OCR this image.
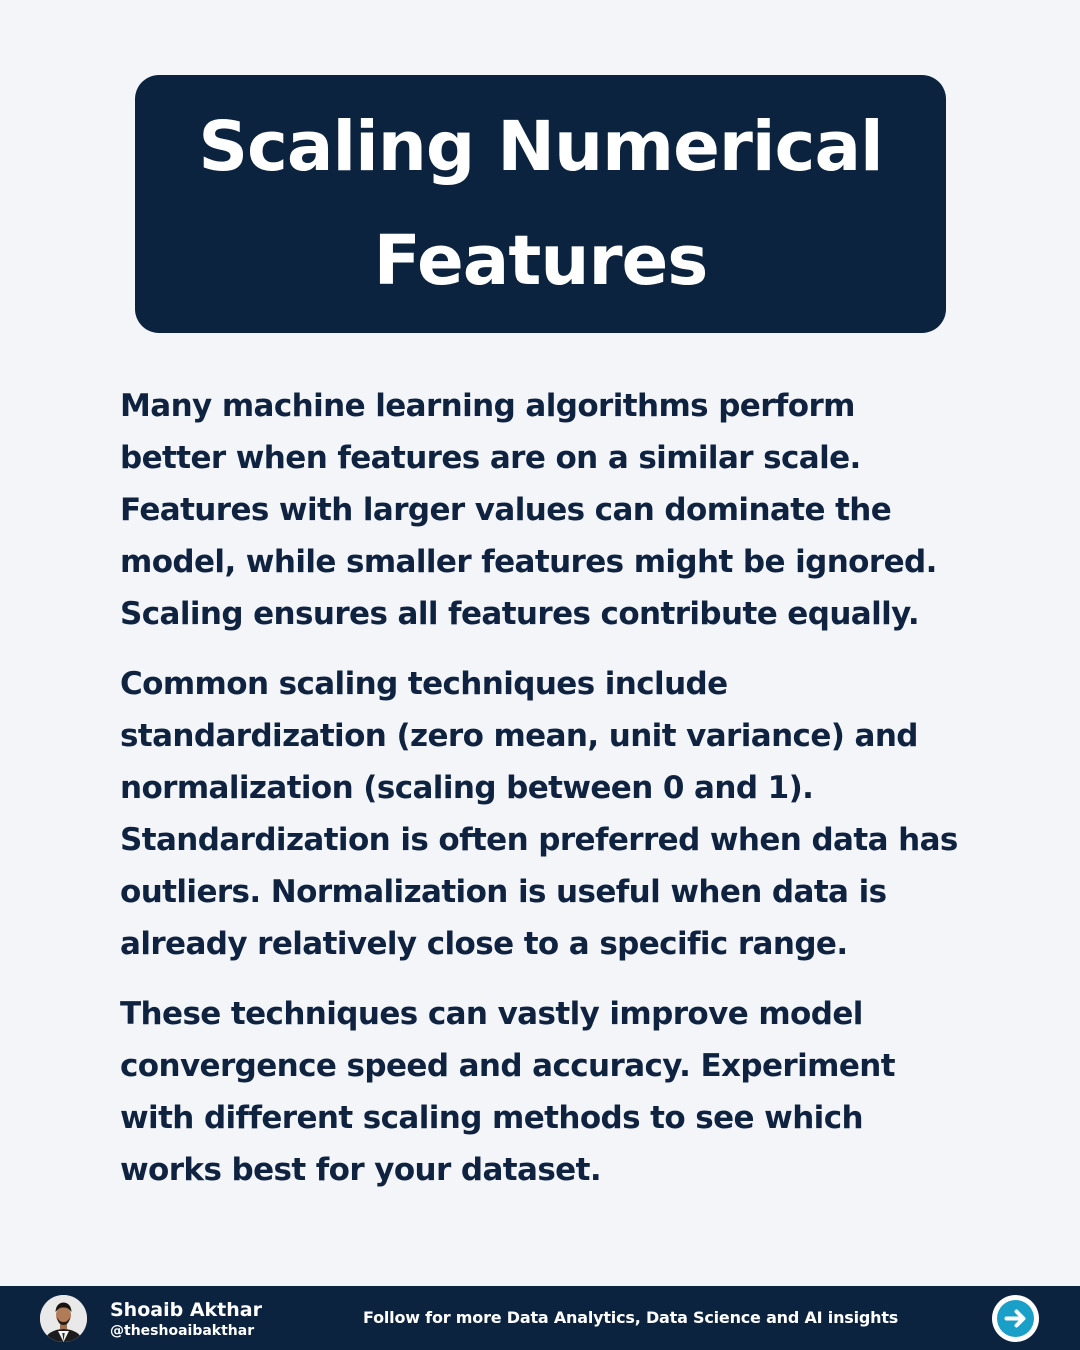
Scaling Numerical Features

Many machine learning algorithms perform better when features are on a similar scale. Features with larger values can dominate the model, while smaller features might be ignored. Scaling ensures all features contribute equally.

Common scaling techniques include standardization (zero mean, unit variance) and normalization (scaling between 0 and 1). Standardization is often preferred when data has outliers. Normalization is useful when data is already relatively close to a specific range.

These techniques can vastly improve model convergence speed and accuracy. Experiment with different scaling methods to see which works best for your dataset.

Shoaib Akthar
@theshoaibakthar
Follow for more Data Analytics, Data Science and AI insights
